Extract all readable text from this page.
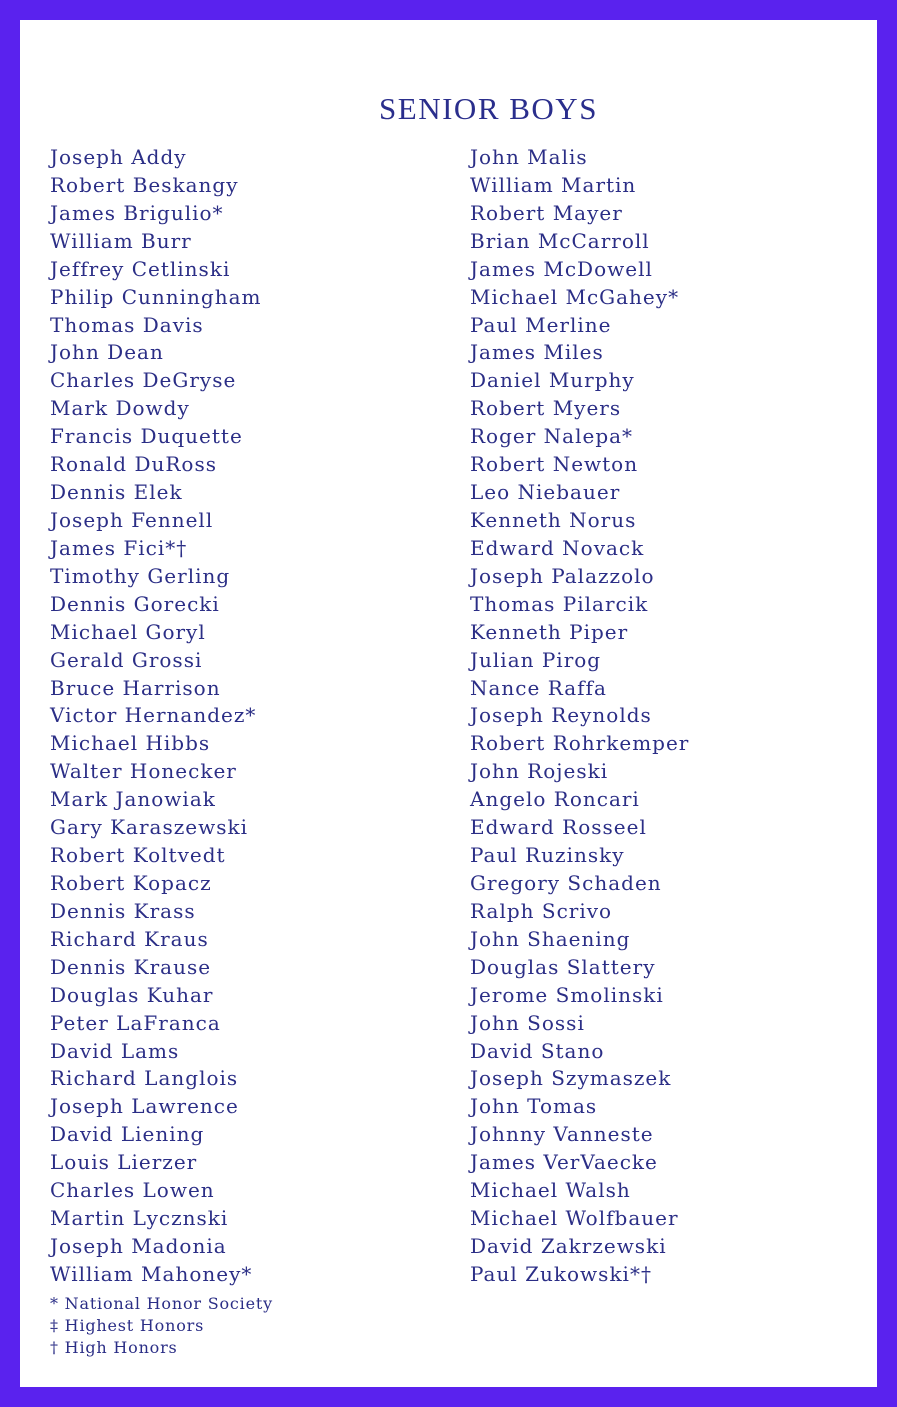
SENIOR BOYS
Joseph Addy
Robert Beskangy
James Brigulio*
William Burr
Jeffrey Cetlinski
Philip Cunningham
Thomas Davis
John Dean
Charles DeGryse
Mark Dowdy
Francis Duquette
Ronald DuRoss
Dennis Elek
Joseph Fennell
James Fici*†
Timothy Gerling
Dennis Gorecki
Michael Goryl
Gerald Grossi
Bruce Harrison
Victor Hernandez*
Michael Hibbs
Walter Honecker
Mark Janowiak
Gary Karaszewski
Robert Koltvedt
Robert Kopacz
Dennis Krass
Richard Kraus
Dennis Krause
Douglas Kuhar
Peter LaFranca
David Lams
Richard Langlois
Joseph Lawrence
David Liening
Louis Lierzer
Charles Lowen
Martin Lycznski
Joseph Madonia
William Mahoney*
John Malis
William Martin
Robert Mayer
Brian McCarroll
James McDowell
Michael McGahey*
Paul Merline
James Miles
Daniel Murphy
Robert Myers
Roger Nalepa*
Robert Newton
Leo Niebauer
Kenneth Norus
Edward Novack
Joseph Palazzolo
Thomas Pilarcik
Kenneth Piper
Julian Pirog
Nance Raffa
Joseph Reynolds
Robert Rohrkemper
John Rojeski
Angelo Roncari
Edward Rosseel
Paul Ruzinsky
Gregory Schaden
Ralph Scrivo
John Shaening
Douglas Slattery
Jerome Smolinski
John Sossi
David Stano
Joseph Szymaszek
John Tomas
Johnny Vanneste
James VerVaecke
Michael Walsh
Michael Wolfbauer
David Zakrzewski
Paul Zukowski*†
* National Honor Society
‡ Highest Honors
† High Honors
